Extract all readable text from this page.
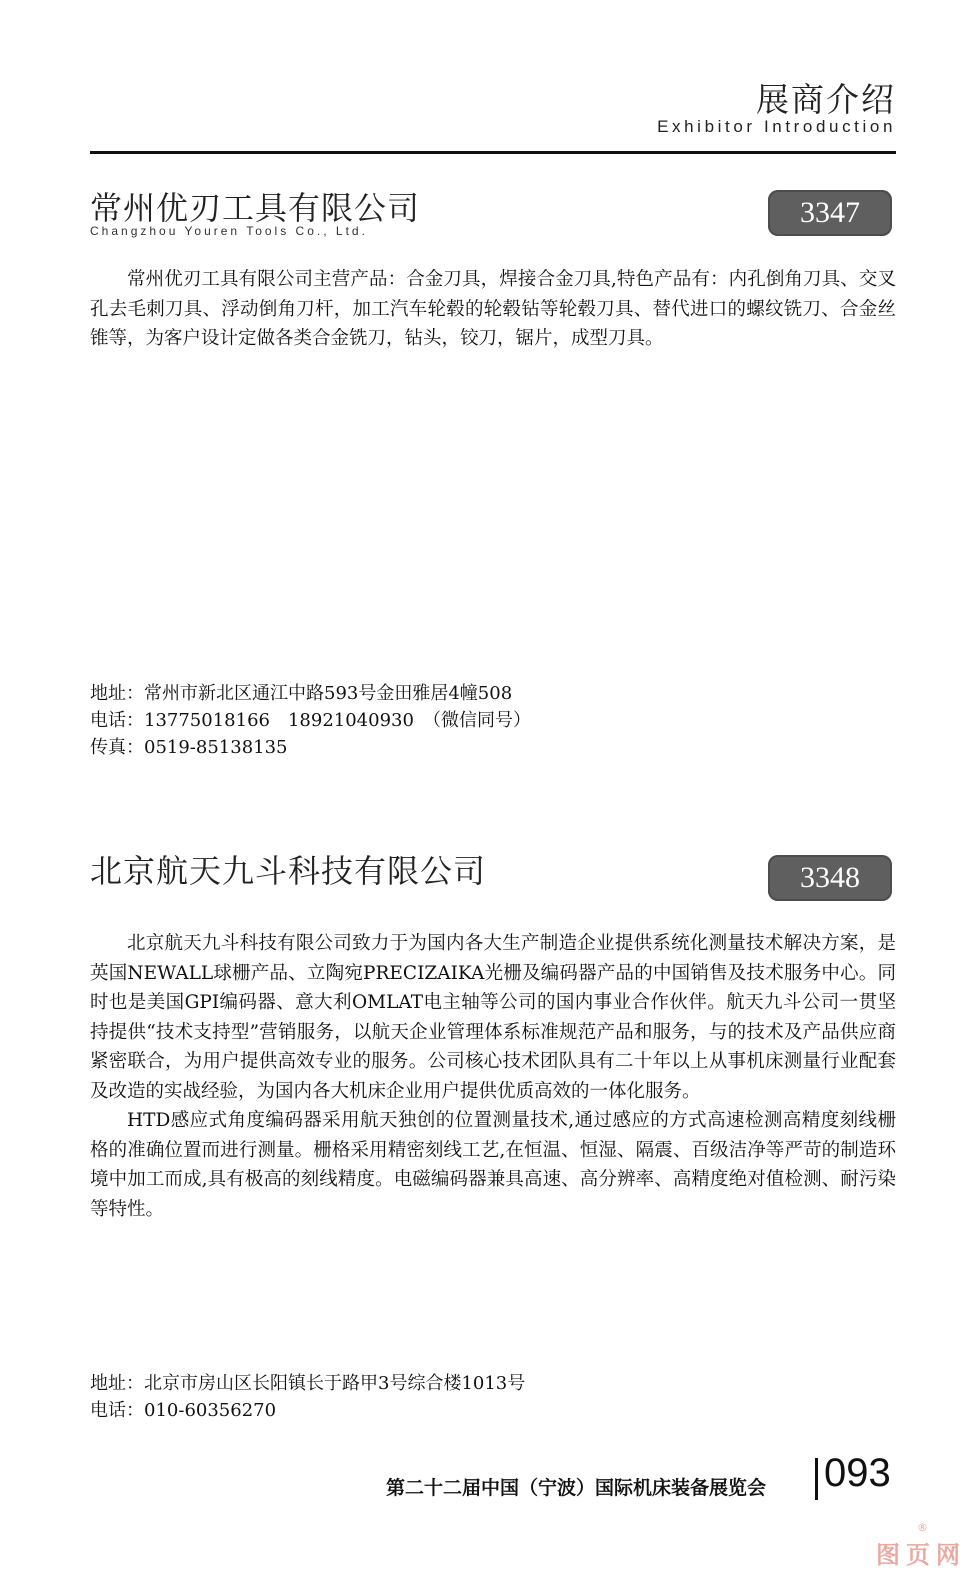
展商介绍
Exhibitor Introduction
常州优刃工具有限公司
Changzhou Youren Tools Co., Ltd.
3347

常州优刃工具有限公司主营产品：合金刀具，焊接合金刀具,特色产品有：内孔倒角刀具、交叉孔去毛刺刀具、浮动倒角刀杆，加工汽车轮毂的轮毂钻等轮毂刀具、替代进口的螺纹铣刀、合金丝锥等，为客户设计定做各类合金铣刀，钻头，铰刀，锯片，成型刀具。

地址：常州市新北区通江中路593号金田雅居4幢508
电话：13775018166　18921040930　（微信同号）
传真：0519-85138135
北京航天九斗科技有限公司	3348

北京航天九斗科技有限公司致力于为国内各大生产制造企业提供系统化测量技术解决方案，是英国NEWALL球栅产品、立陶宛PRECIZAIKA光栅及编码器产品的中国销售及技术服务中心。同时也是美国GPI编码器、意大利OMLAT电主轴等公司的国内事业合作伙伴。航天九斗公司一贯坚持提供“技术支持型”营销服务，以航天企业管理体系标准规范产品和服务，与的技术及产品供应商紧密联合，为用户提供高效专业的服务。公司核心技术团队具有二十年以上从事机床测量行业配套及改造的实战经验，为国内各大机床企业用户提供优质高效的一体化服务。

HTD感应式角度编码器采用航天独创的位置测量技术,通过感应的方式高速检测高精度刻线栅格的准确位置而进行测量。栅格采用精密刻线工艺,在恒温、恒湿、隔震、百级洁净等严苛的制造环境中加工而成,具有极高的刻线精度。电磁编码器兼具高速、高分辨率、高精度绝对值检测、耐污染等特性。

地址：北京市房山区长阳镇长于路甲3号综合楼1013号
电话：010-60356270
第二十二届中国（宁波）国际机床装备展览会 093
图页网
®
